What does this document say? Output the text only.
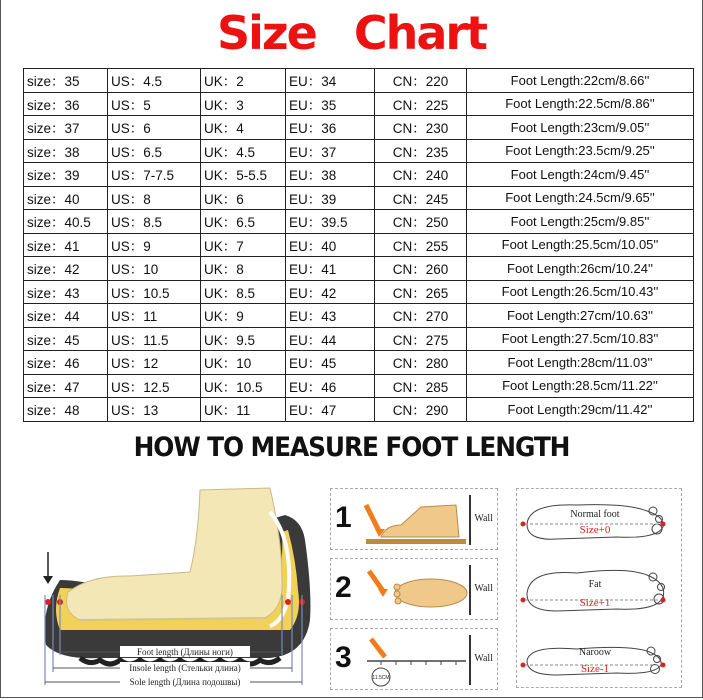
Size Chart
size：35	US：4.5	UK：2	EU：34	CN：220	Foot Length:22cm/8.66''
size：36	US：5	UK：3	EU：35	CN：225	Foot Length:22.5cm/8.86''
size：37	US：6	UK：4	EU：36	CN：230	Foot Length:23cm/9.05''
size：38	US：6.5	UK：4.5	EU：37	CN：235	Foot Length:23.5cm/9.25''
size：39	US：7-7.5	UK：5-5.5	EU：38	CN：240	Foot Length:24cm/9.45''
size：40	US：8	UK：6	EU：39	CN：245	Foot Length:24.5cm/9.65''
size：40.5	US：8.5	UK：6.5	EU：39.5	CN：250	Foot Length:25cm/9.85''
size：41	US：9	UK：7	EU：40	CN：255	Foot Length:25.5cm/10.05''
size：42	US：10	UK：8	EU：41	CN：260	Foot Length:26cm/10.24''
size：43	US：10.5	UK：8.5	EU：42	CN：265	Foot Length:26.5cm/10.43''
size：44	US：11	UK：9	EU：43	CN：270	Foot Length:27cm/10.63''
size：45	US：11.5	UK：9.5	EU：44	CN：275	Foot Length:27.5cm/10.83''
size：46	US：12	UK：10	EU：45	CN：280	Foot Length:28cm/11.03''
size：47	US：12.5	UK：10.5	EU：46	CN：285	Foot Length:28.5cm/11.22''
size：48	US：13	UK：11	EU：47	CN：290	Foot Length:29cm/11.42''
HOW TO MEASURE FOOT LENGTH
Foot length (Длины ноги)
Insole length (Стельки длина)
Sole length (Длина подошвы)
1	Wall
2	Wall
3
11.5CM
Wall
Normal foot
Size+0
Fat
Size+1
Naroow
Size-1
